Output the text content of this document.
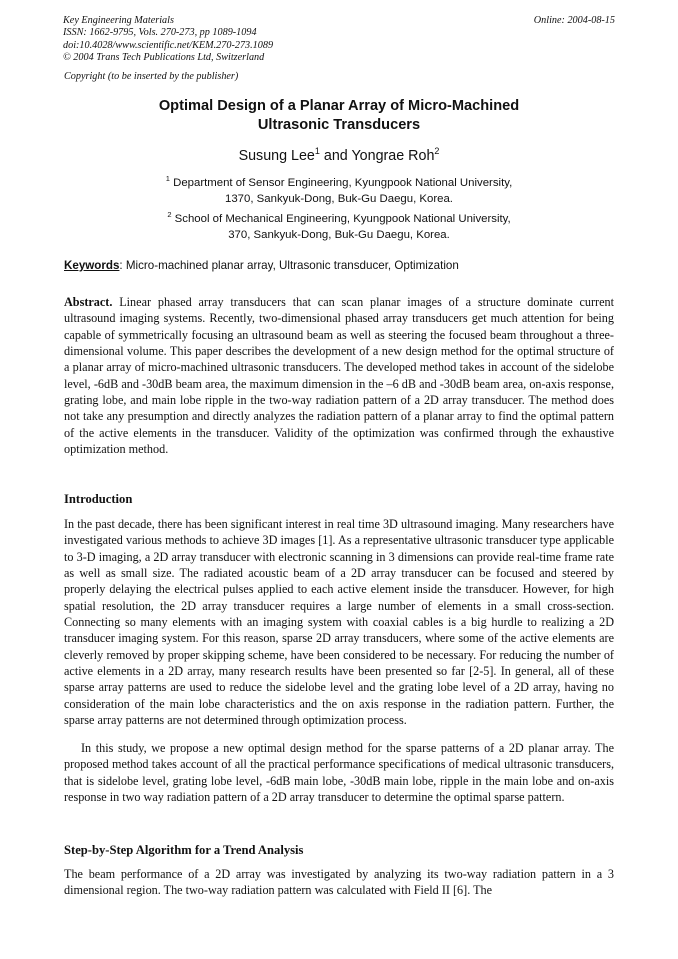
Key Engineering Materials
ISSN: 1662-9795, Vols. 270-273, pp 1089-1094
doi:10.4028/www.scientific.net/KEM.270-273.1089
© 2004 Trans Tech Publications Ltd, Switzerland
Online: 2004-08-15
Copyright (to be inserted by the publisher)
Optimal Design of a Planar Array of Micro-Machined
Ultrasonic Transducers
Susung Lee$^1$ and Yongrae Roh$^2$
$^1$ Department of Sensor Engineering, Kyungpook National University,
1370, Sankyuk-Dong, Buk-Gu Daegu, Korea.
$^2$ School of Mechanical Engineering, Kyungpook National University,
370, Sankyuk-Dong, Buk-Gu Daegu, Korea.
Keywords: Micro-machined planar array, Ultrasonic transducer, Optimization

Abstract. Linear phased array transducers that can scan planar images of a structure dominate current ultrasound imaging systems. Recently, two-dimensional phased array transducers get much attention for being capable of symmetrically focusing an ultrasound beam as well as steering the focused beam throughout a three-dimensional volume. This paper describes the development of a new design method for the optimal structure of a planar array of micro-machined ultrasonic transducers. The developed method takes in account of the sidelobe level, -6dB and -30dB beam area, the maximum dimension in the –6 dB and -30dB beam area, on-axis response, grating lobe, and main lobe ripple in the two-way radiation pattern of a 2D array transducer. The method does not take any presumption and directly analyzes the radiation pattern of a planar array to find the optimal pattern of the active elements in the transducer. Validity of the optimization was confirmed through the exhaustive optimization method.

Introduction

In the past decade, there has been significant interest in real time 3D ultrasound imaging. Many researchers have investigated various methods to achieve 3D images [1]. As a representative ultrasonic transducer type applicable to 3-D imaging, a 2D array transducer with electronic scanning in 3 dimensions can provide real-time frame rate as well as small size. The radiated acoustic beam of a 2D array transducer can be focused and steered by properly delaying the electrical pulses applied to each active element inside the transducer. However, for high spatial resolution, the 2D array transducer requires a large number of elements in a small cross-section. Connecting so many elements with an imaging system with coaxial cables is a big hurdle to realizing a 2D transducer imaging system. For this reason, sparse 2D array transducers, where some of the active elements are cleverly removed by proper skipping scheme, have been considered to be necessary. For reducing the number of active elements in a 2D array, many research results have been presented so far [2-5]. In general, all of these sparse array patterns are used to reduce the sidelobe level and the grating lobe level of a 2D array, having no consideration of the main lobe characteristics and the on axis response in the radiation pattern. Further, the sparse array patterns are not determined through optimization process.

In this study, we propose a new optimal design method for the sparse patterns of a 2D planar array. The proposed method takes account of all the practical performance specifications of medical ultrasonic transducers, that is sidelobe level, grating lobe level, -6dB main lobe, -30dB main lobe, ripple in the main lobe and on-axis response in two way radiation pattern of a 2D array transducer to determine the optimal sparse pattern.

Step-by-Step Algorithm for a Trend Analysis

The beam performance of a 2D array was investigated by analyzing its two-way radiation pattern in a 3 dimensional region. The two-way radiation pattern was calculated with Field II [6]. The
